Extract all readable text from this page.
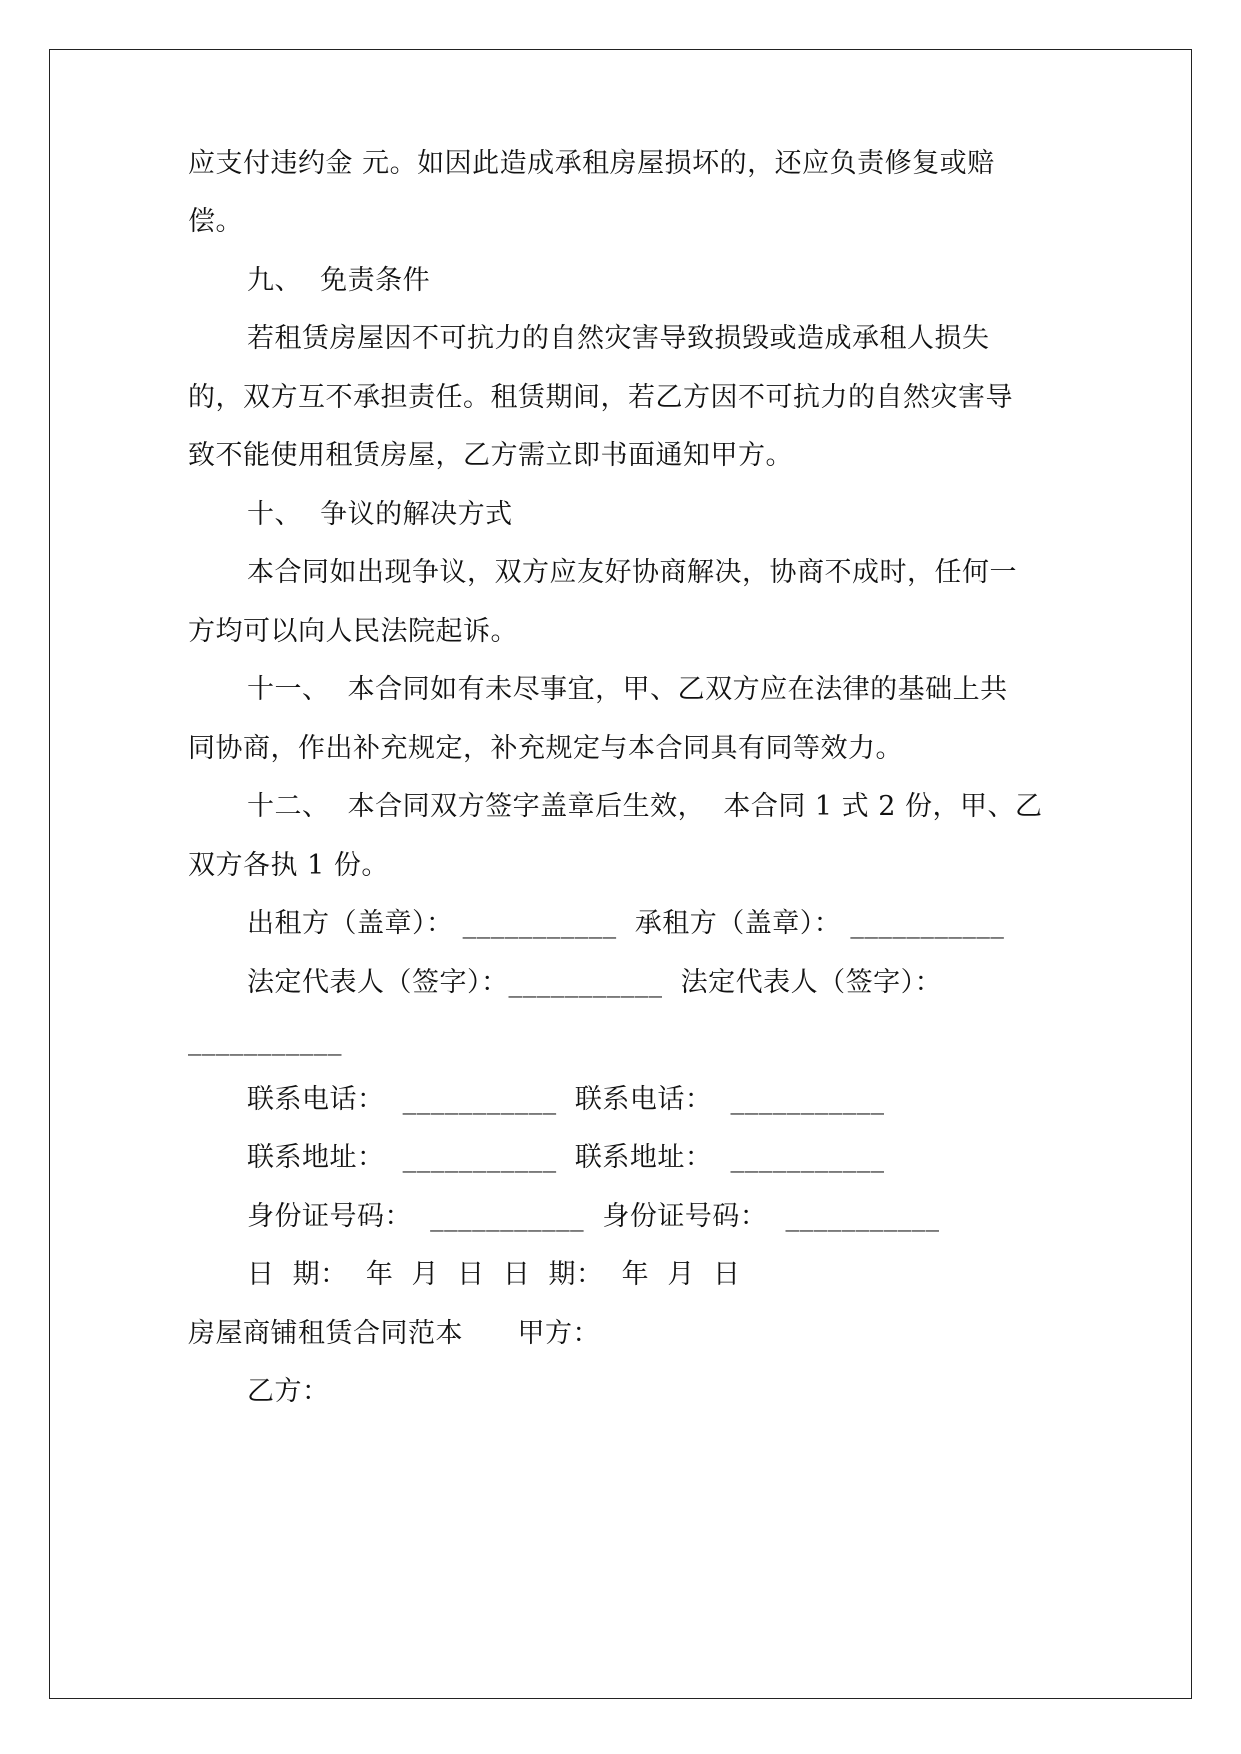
应支付违约金 元。如因此造成承租房屋损坏的，还应负责修复或赔
偿。
九、  免责条件
若租赁房屋因不可抗力的自然灾害导致损毁或造成承租人损失
的，双方互不承担责任。租赁期间，若乙方因不可抗力的自然灾害导
致不能使用租赁房屋，乙方需立即书面通知甲方。
十、  争议的解决方式
本合同如出现争议，双方应友好协商解决，协商不成时，任何一
方均可以向人民法院起诉。
十一、  本合同如有未尽事宜，甲、乙双方应在法律的基础上共
同协商，作出补充规定，补充规定与本合同具有同等效力。
十二、  本合同双方签字盖章后生效，  本合同 1 式 2 份，甲、乙
双方各执 1 份。
出租方（盖章）： ___________  承租方（盖章）： ___________
法定代表人（签字）：___________  法定代表人（签字）：
___________
联系电话：  ___________  联系电话：  ___________
联系地址：  ___________  联系地址：  ___________
身份证号码：  ___________  身份证号码：  ___________
日  期：  年  月  日  日  期：  年  月  日
房屋商铺租赁合同范本      甲方：
乙方：
